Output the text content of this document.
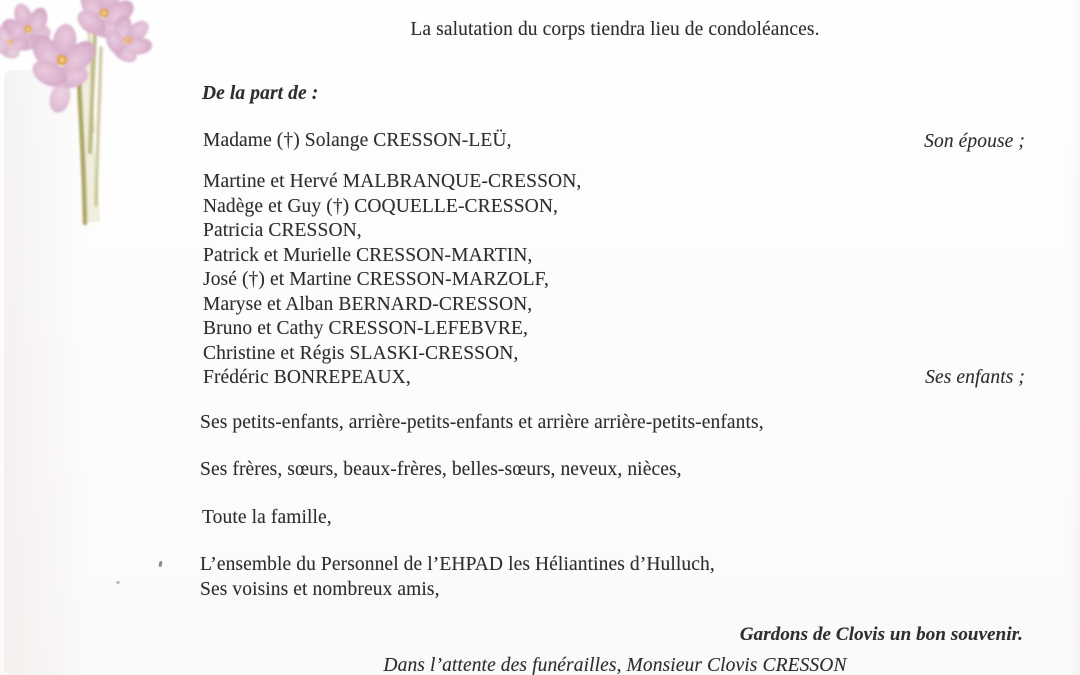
La salutation du corps tiendra lieu de condoléances.
De la part de :
Madame (†) Solange CRESSON-LEÜ,	Son épouse ;
Martine et Hervé MALBRANQUE-CRESSON,
Nadège et Guy (†) COQUELLE-CRESSON,
Patricia CRESSON,
Patrick et Murielle CRESSON-MARTIN,
José (†) et Martine CRESSON-MARZOLF,
Maryse et Alban BERNARD-CRESSON,
Bruno et Cathy CRESSON-LEFEBVRE,
Christine et Régis SLASKI-CRESSON,
Frédéric BONREPEAUX,	Ses enfants ;
Ses petits-enfants, arrière-petits-enfants et arrière arrière-petits-enfants,
Ses frères, sœurs, beaux-frères, belles-sœurs, neveux, nièces,
Toute la famille,
L’ensemble du Personnel de l’EHPAD les Héliantines d’Hulluch,
Ses voisins et nombreux amis,
Gardons de Clovis un bon souvenir.
Dans l’attente des funérailles, Monsieur Clovis CRESSON
